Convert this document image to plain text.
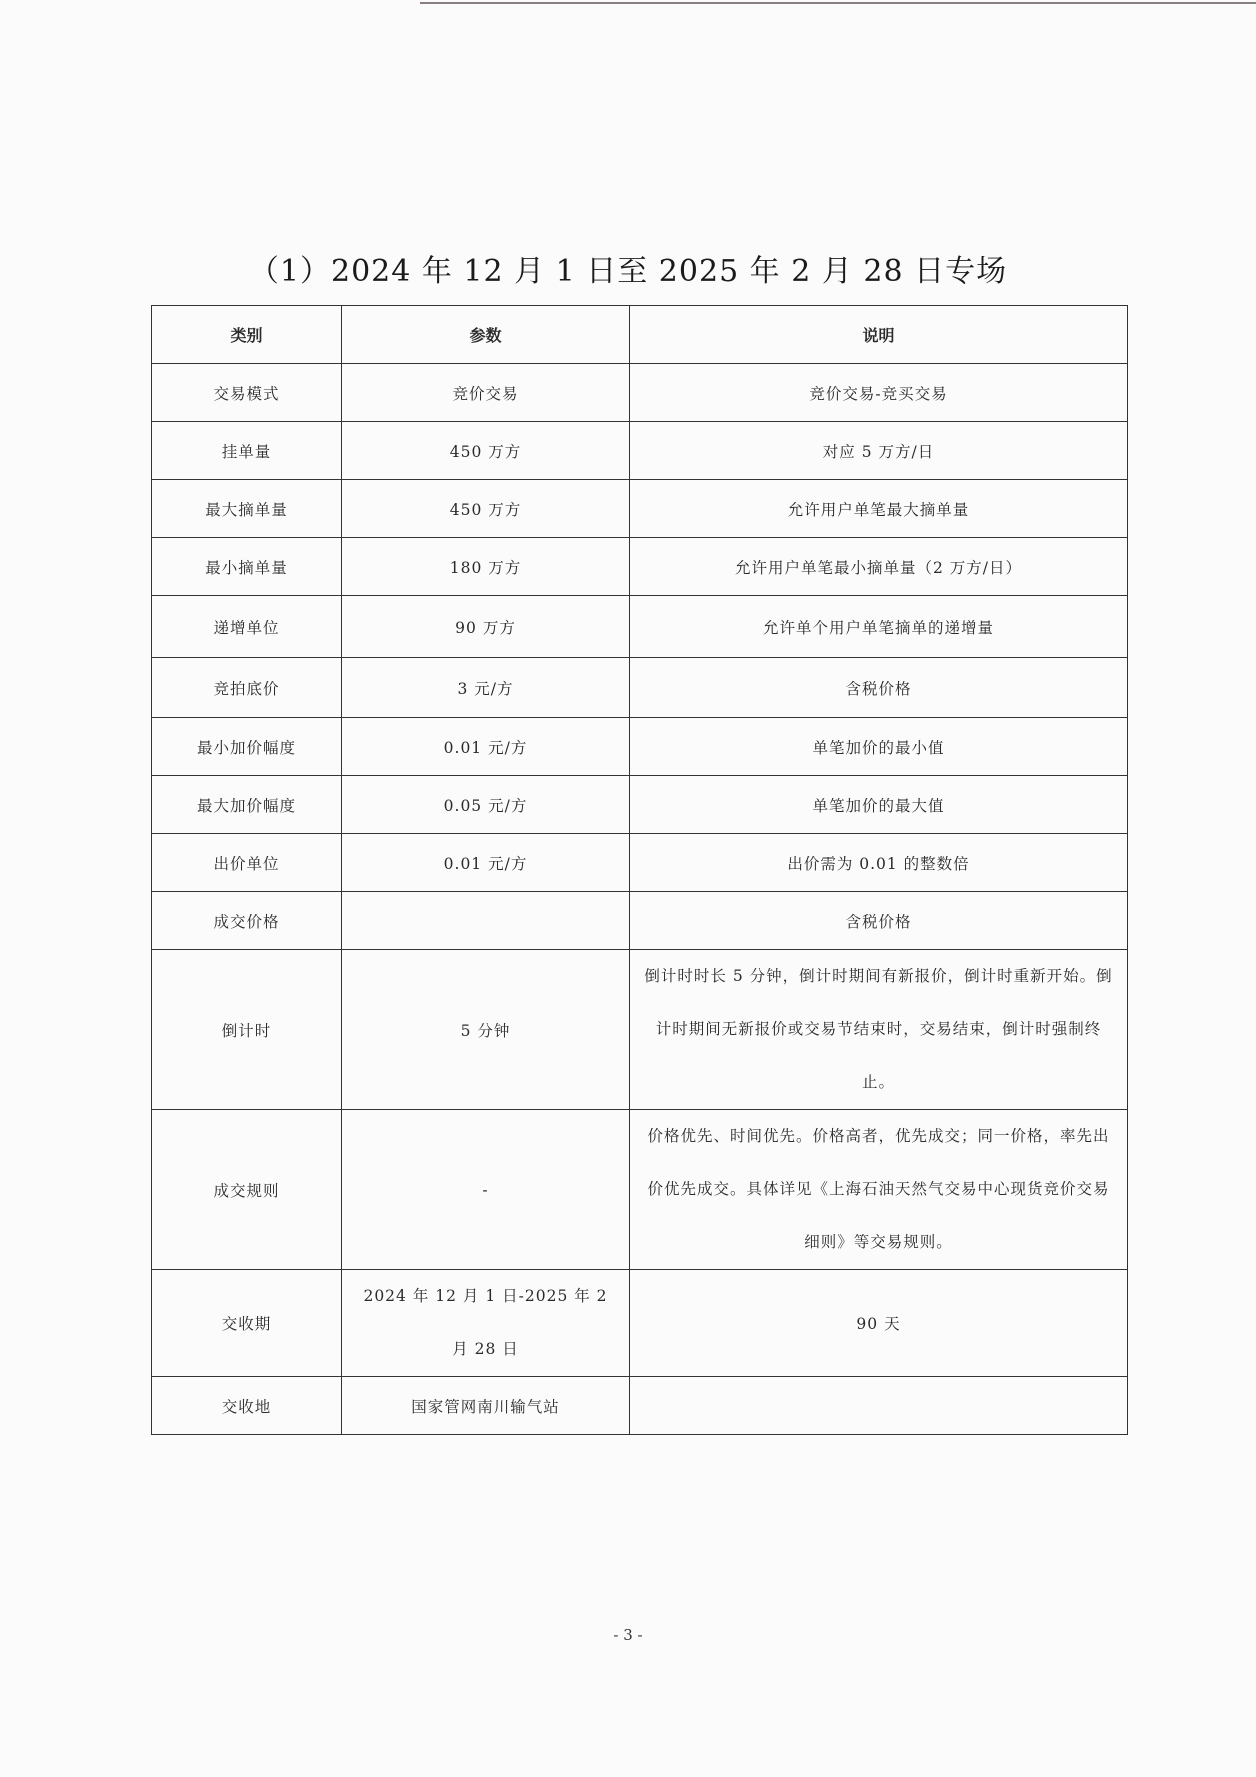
（1）2024 年 12 月 1 日至 2025 年 2 月 28 日专场
类别	参数	说明
交易模式	竞价交易	竞价交易-竞买交易
挂单量	450 万方	对应 5 万方/日
最大摘单量	450 万方	允许用户单笔最大摘单量
最小摘单量	180 万方	允许用户单笔最小摘单量（2 万方/日）
递增单位	90 万方	允许单个用户单笔摘单的递增量
竞拍底价	3 元/方	含税价格
最小加价幅度	0.01 元/方	单笔加价的最小值
最大加价幅度	0.05 元/方	单笔加价的最大值
出价单位	0.01 元/方	出价需为 0.01 的整数倍
成交价格		含税价格
倒计时	5 分钟	倒计时时长 5 分钟，倒计时期间有新报价，倒计时重新开始。倒计时期间无新报价或交易节结束时，交易结束，倒计时强制终止。
成交规则	-	价格优先、时间优先。价格高者，优先成交；同一价格，率先出价优先成交。具体详见《上海石油天然气交易中心现货竞价交易细则》等交易规则。
交收期	2024 年 12 月 1 日-2025 年 2 月 28 日	90 天
交收地	国家管网南川输气站	
- 3 -
